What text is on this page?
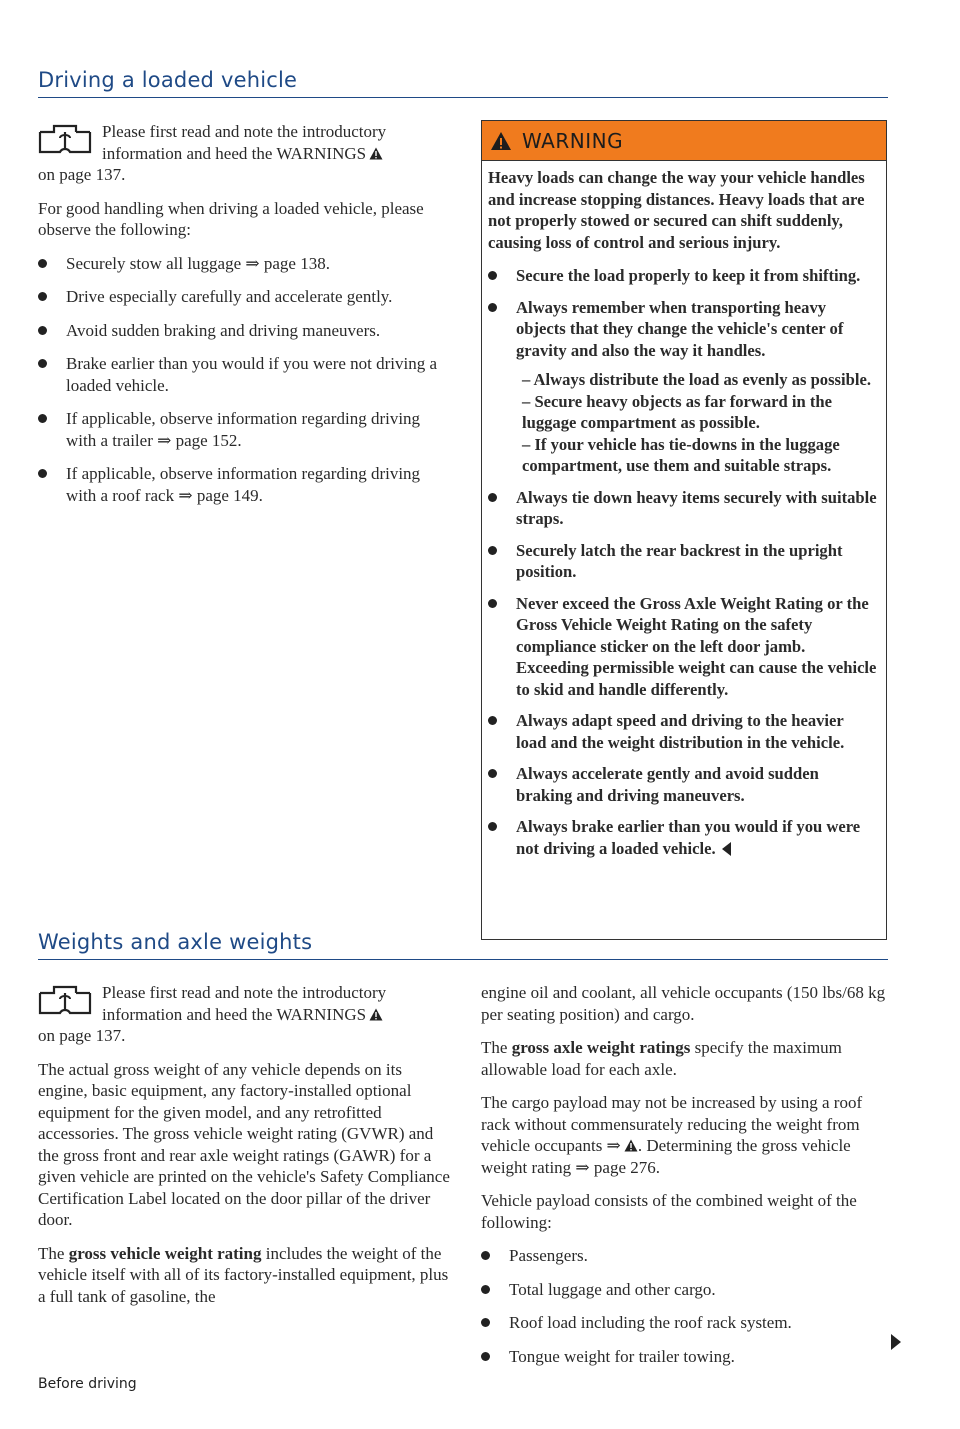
Driving a loaded vehicle
Please first read and note the introductory
information and heed the WARNINGS
on page 137.

For good handling when driving a loaded vehicle, please observe the following:

Securely stow all luggage ⇒ page 138.
Drive especially carefully and accelerate gently.
Avoid sudden braking and driving maneuvers.
Brake earlier than you would if you were not driving a loaded vehicle.
If applicable, observe information regarding driving with a trailer ⇒ page 152.
If applicable, observe information regarding driving with a roof rack ⇒ page 149.
WARNING

Heavy loads can change the way your vehicle handles and increase stopping distances. Heavy loads that are not properly stowed or secured can shift suddenly, causing loss of control and serious injury.

Secure the load properly to keep it from shifting.
Always remember when transporting heavy objects that they change the vehicle's center of gravity and also the way it handles.
– Always distribute the load as evenly as possible.
– Secure heavy objects as far forward in the luggage compartment as possible.
– If your vehicle has tie-downs in the luggage compartment, use them and suitable straps.
Always tie down heavy items securely with suitable straps.
Securely latch the rear backrest in the upright position.
Never exceed the Gross Axle Weight Rating or the Gross Vehicle Weight Rating on the safety compliance sticker on the left door jamb. Exceeding permissible weight can cause the vehicle to skid and handle differently.
Always adapt speed and driving to the heavier load and the weight distribution in the vehicle.
Always accelerate gently and avoid sudden braking and driving maneuvers.
Always brake earlier than you would if you were not driving a loaded vehicle.
Weights and axle weights
Please first read and note the introductory
information and heed the WARNINGS
on page 137.

The actual gross weight of any vehicle depends on its engine, basic equipment, any factory-installed optional equipment for the given model, and any retrofitted accessories. The gross vehicle weight rating (GVWR) and the gross front and rear axle weight ratings (GAWR) for a given vehicle are printed on the vehicle's Safety Compliance Certification Label located on the door pillar of the driver door.

The gross vehicle weight rating includes the weight of the vehicle itself with all of its factory-installed equipment, plus a full tank of gasoline, the

engine oil and coolant, all vehicle occupants (150 lbs/68 kg per seating position) and cargo.

The gross axle weight ratings specify the maximum allowable load for each axle.

The cargo payload may not be increased by using a roof rack without commensurately reducing the weight from vehicle occupants ⇒ . Determining the gross vehicle weight rating ⇒ page 276.

Vehicle payload consists of the combined weight of the following:

Passengers.
Total luggage and other cargo.
Roof load including the roof rack system.
Tongue weight for trailer towing.
Before driving
